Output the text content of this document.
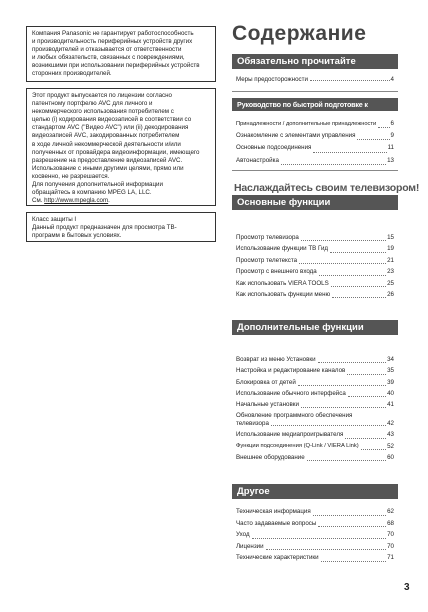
Компания Panasonic не гарантирует работоспособность

и производительность периферийных устройств других

производителей и отказывается от ответственности

и любых обязательств, связанных с повреждениями,

возникшими при использовании периферийных устройств

сторонних производителей.

Этот продукт выпускается по лицензии согласно

патентному портфелю AVC для личного и

некоммерческого использования потребителем с

целью (i) кодирования видеозаписей в соответствии со

стандартом AVC ("Видео AVC") или (ii) декодирования

видеозаписей AVC, закодированных потребителем

в ходе личной некоммерческой деятельности и/или

полученных от провайдера видеоинформации, имеющего

разрешение на предоставление видеозаписей AVC.

Использование с иными другими целями, прямо или

косвенно, не разрешается.

Для получения дополнительной информации

обращайтесь в компанию MPEG LA, LLC.

См. http://www.mpegla.com.

Класс защиты I

Данный продукт предназначен для просмотра ТВ-

программ в бытовых условиях.

Содержание
Обязательно прочитайте
Меры предосторожности	4
Руководство по быстрой подготовке к эксплуатации
Принадлежности / дополнительные принадлежности 6
Ознакомление с элементами управления	9
Основные подсоединения	11
Автонастройка	13
Наслаждайтесь своим телевизором!
Основные функции
Просмотр телевизора	15
Использование функции ТВ Гид	19
Просмотр телетекста	21
Просмотр с внешнего входа	23
Как использовать VIERA TOOLS	25
Как использовать функции меню	26
Дополнительные функции
Возврат из меню Установки	34
Настройка и редактирование каналов	35
Блокировка от детей	39
Использование обычного интерфейса	40
Начальные установки	41
Обновление программного обеспечения
телевизора	42
Использование медиапроигрывателя	43
Функции подсоединения (Q-Link / VIERA Link)	52
Внешнее оборудование	60
Другое
Техническая информация	62
Часто задаваемые вопросы	68
Уход	70
Лицензии	70
Технические характеристики	71
3
